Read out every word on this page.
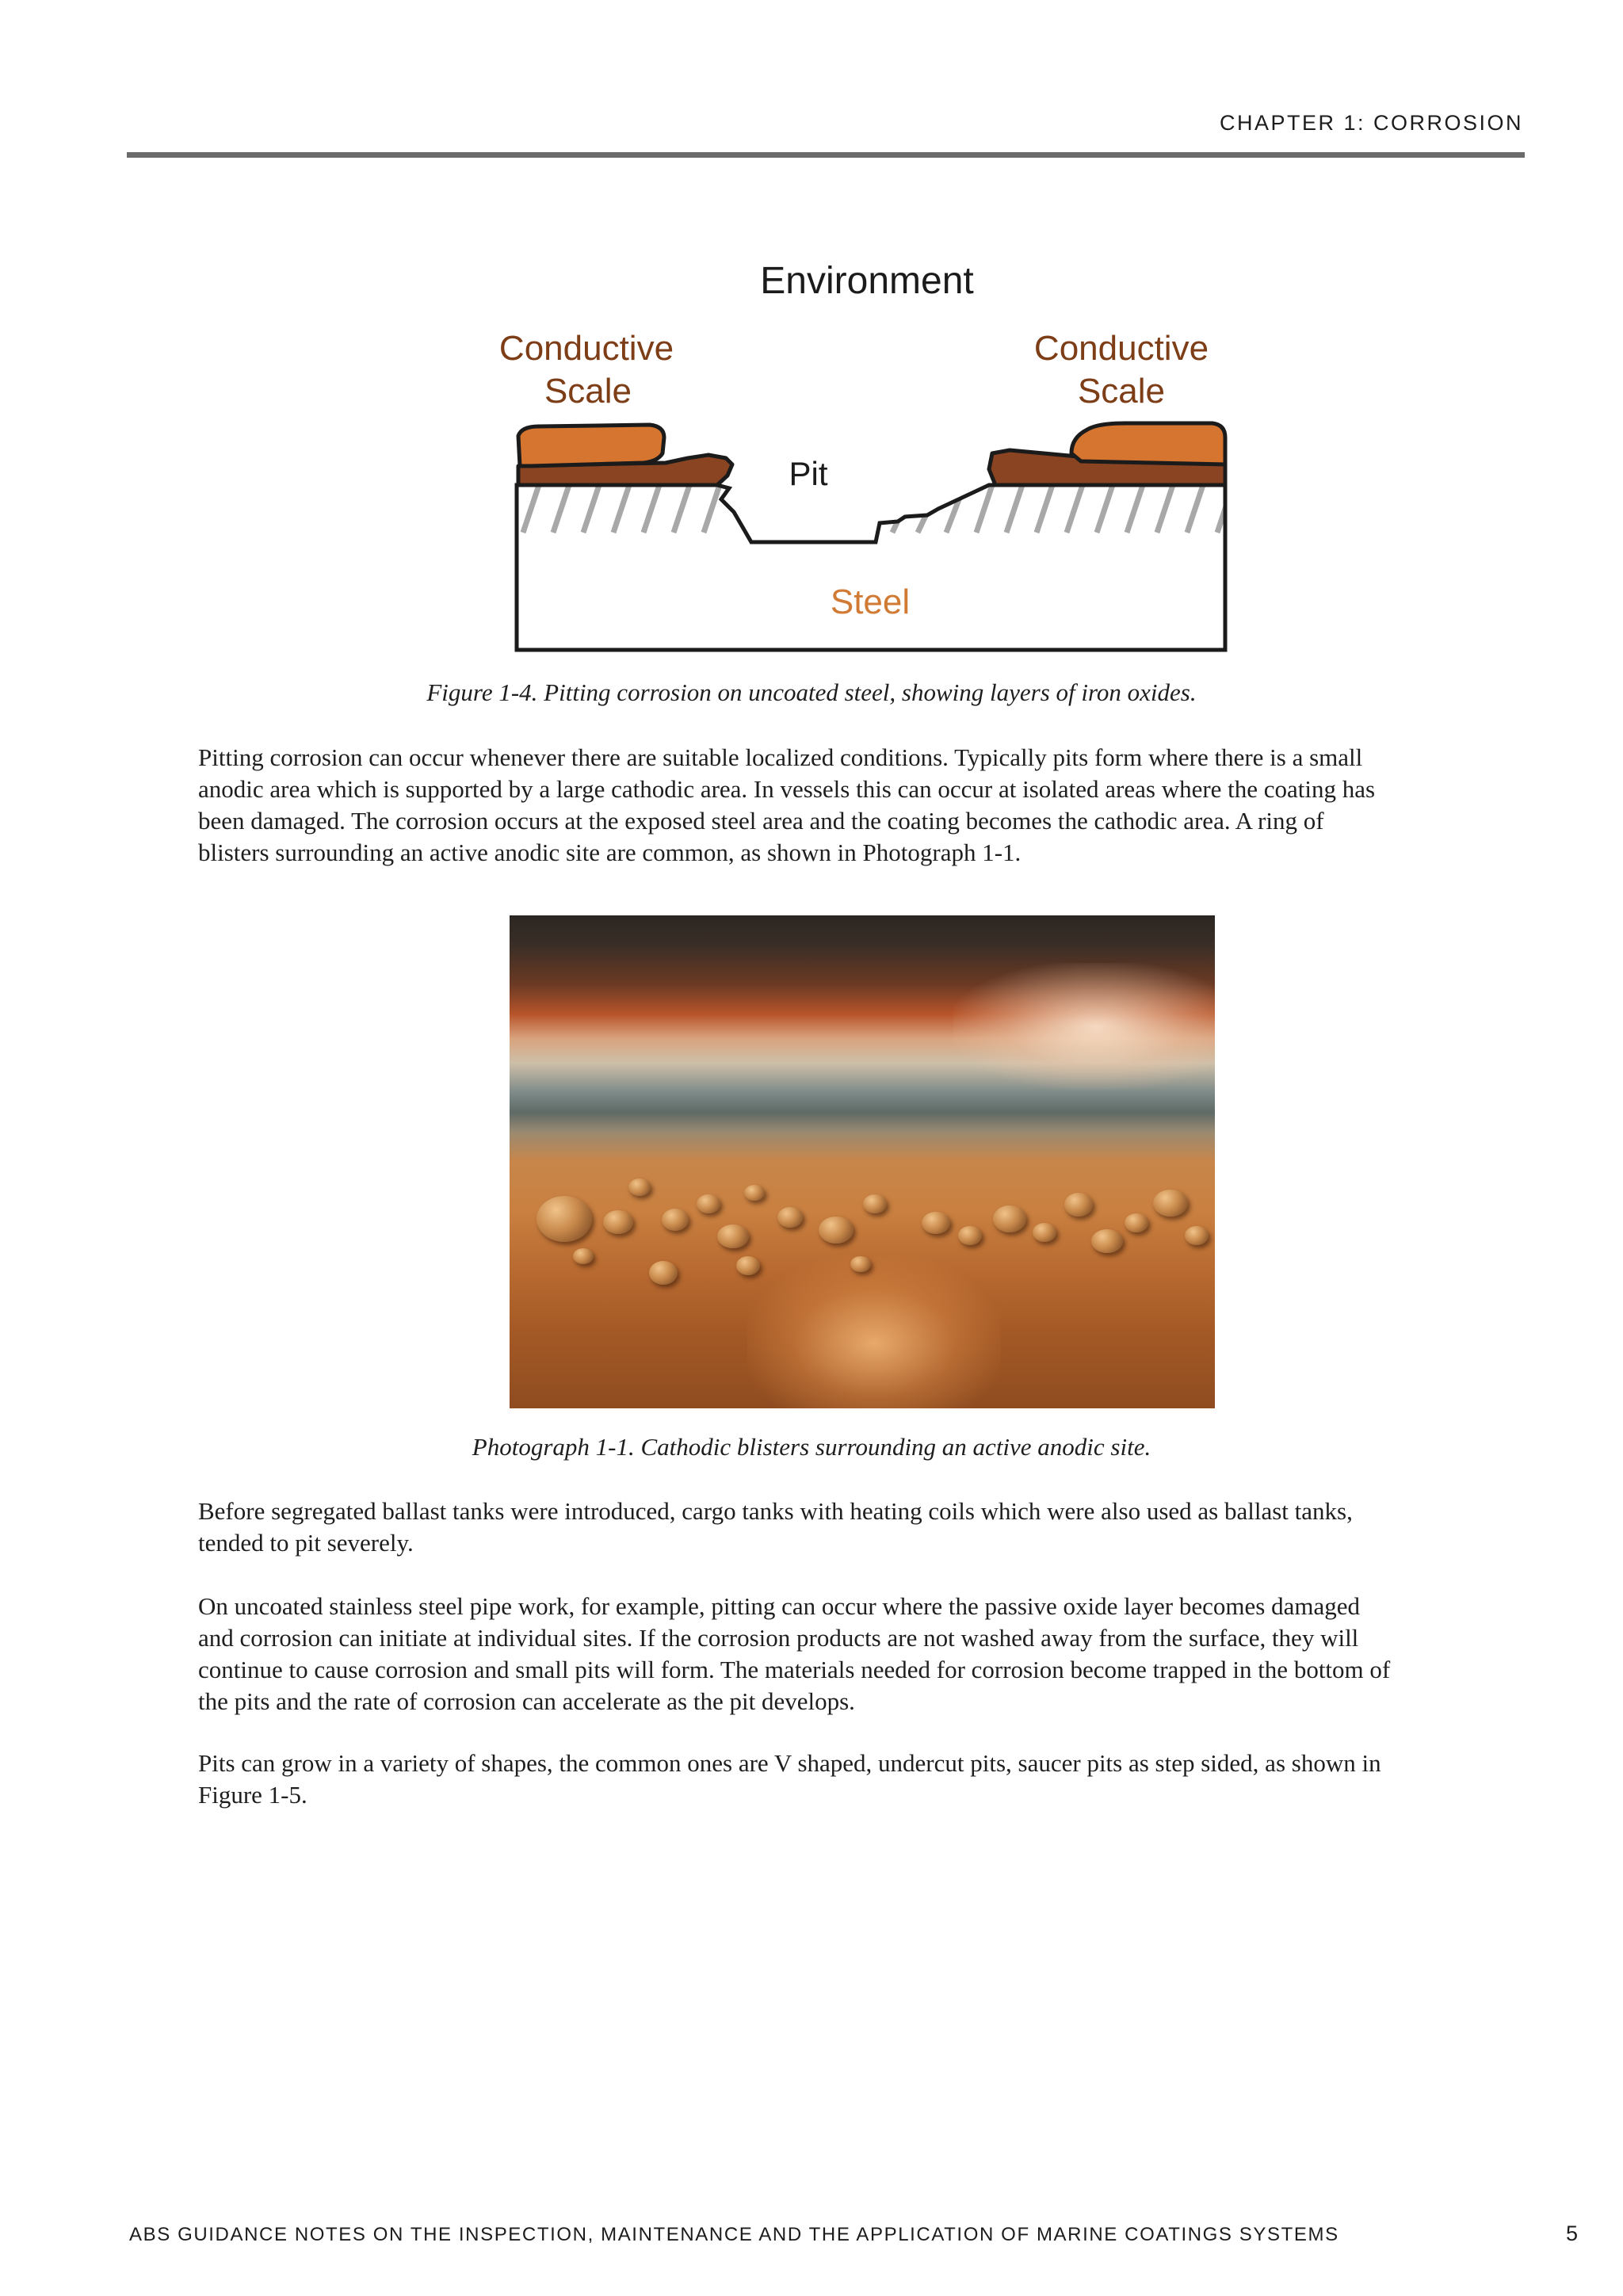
CHAPTER 1: CORROSION
Environment
Conductive
Scale
Conductive
Scale
Pit
Steel
Figure 1-4. Pitting corrosion on uncoated steel, showing layers of iron oxides.
Pitting corrosion can occur whenever there are suitable localized conditions. Typically pits form where there is a small
anodic area which is supported by a large cathodic area. In vessels this can occur at isolated areas where the coating has
been damaged. The corrosion occurs at the exposed steel area and the coating becomes the cathodic area. A ring of
blisters surrounding an active anodic site are common, as shown in Photograph 1-1.
Photograph 1-1. Cathodic blisters surrounding an active anodic site.
Before segregated ballast tanks were introduced, cargo tanks with heating coils which were also used as ballast tanks,
tended to pit severely.
On uncoated stainless steel pipe work, for example, pitting can occur where the passive oxide layer becomes damaged
and corrosion can initiate at individual sites. If the corrosion products are not washed away from the surface, they will
continue to cause corrosion and small pits will form. The materials needed for corrosion become trapped in the bottom of
the pits and the rate of corrosion can accelerate as the pit develops.
Pits can grow in a variety of shapes, the common ones are V shaped, undercut pits, saucer pits as step sided, as shown in
Figure 1-5.
ABS GUIDANCE NOTES ON THE INSPECTION, MAINTENANCE AND THE APPLICATION OF MARINE COATINGS SYSTEMS	5
